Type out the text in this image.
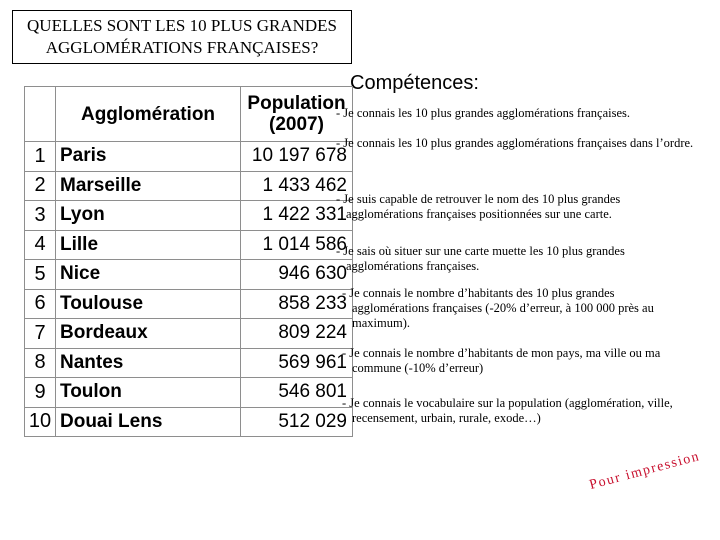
QUELLES SONT LES 10 PLUS GRANDES
AGGLOMÉRATIONS FRANÇAISES?
Compétences:
	Agglomération	Population
(2007)

1	Paris	10 197 678
2	Marseille	1 433 462
3	Lyon	1 422 331
4	Lille	1 014 586
5	Nice	946 630
6	Toulouse	858 233
7	Bordeaux	809 224
8	Nantes	569 961
9	Toulon	546 801
10	Douai Lens	512 029
- Je connais les 10 plus grandes agglomérations françaises.
- Je connais les 10 plus grandes agglomérations françaises dans l’ordre.
- Je suis capable de retrouver le nom des 10 plus grandes agglomérations françaises positionnées sur une carte.
- Je sais où situer sur une carte muette les 10 plus grandes agglomérations françaises.
- Je connais le nombre d’habitants des 10 plus grandes agglomérations françaises (-20% d’erreur, à 100 000 près au maximum).
- Je connais le nombre d’habitants de mon pays, ma ville ou ma commune (-10% d’erreur)
- Je connais le vocabulaire sur la population (agglomération, ville, recensement, urbain, rurale, exode…)
Pour impression
